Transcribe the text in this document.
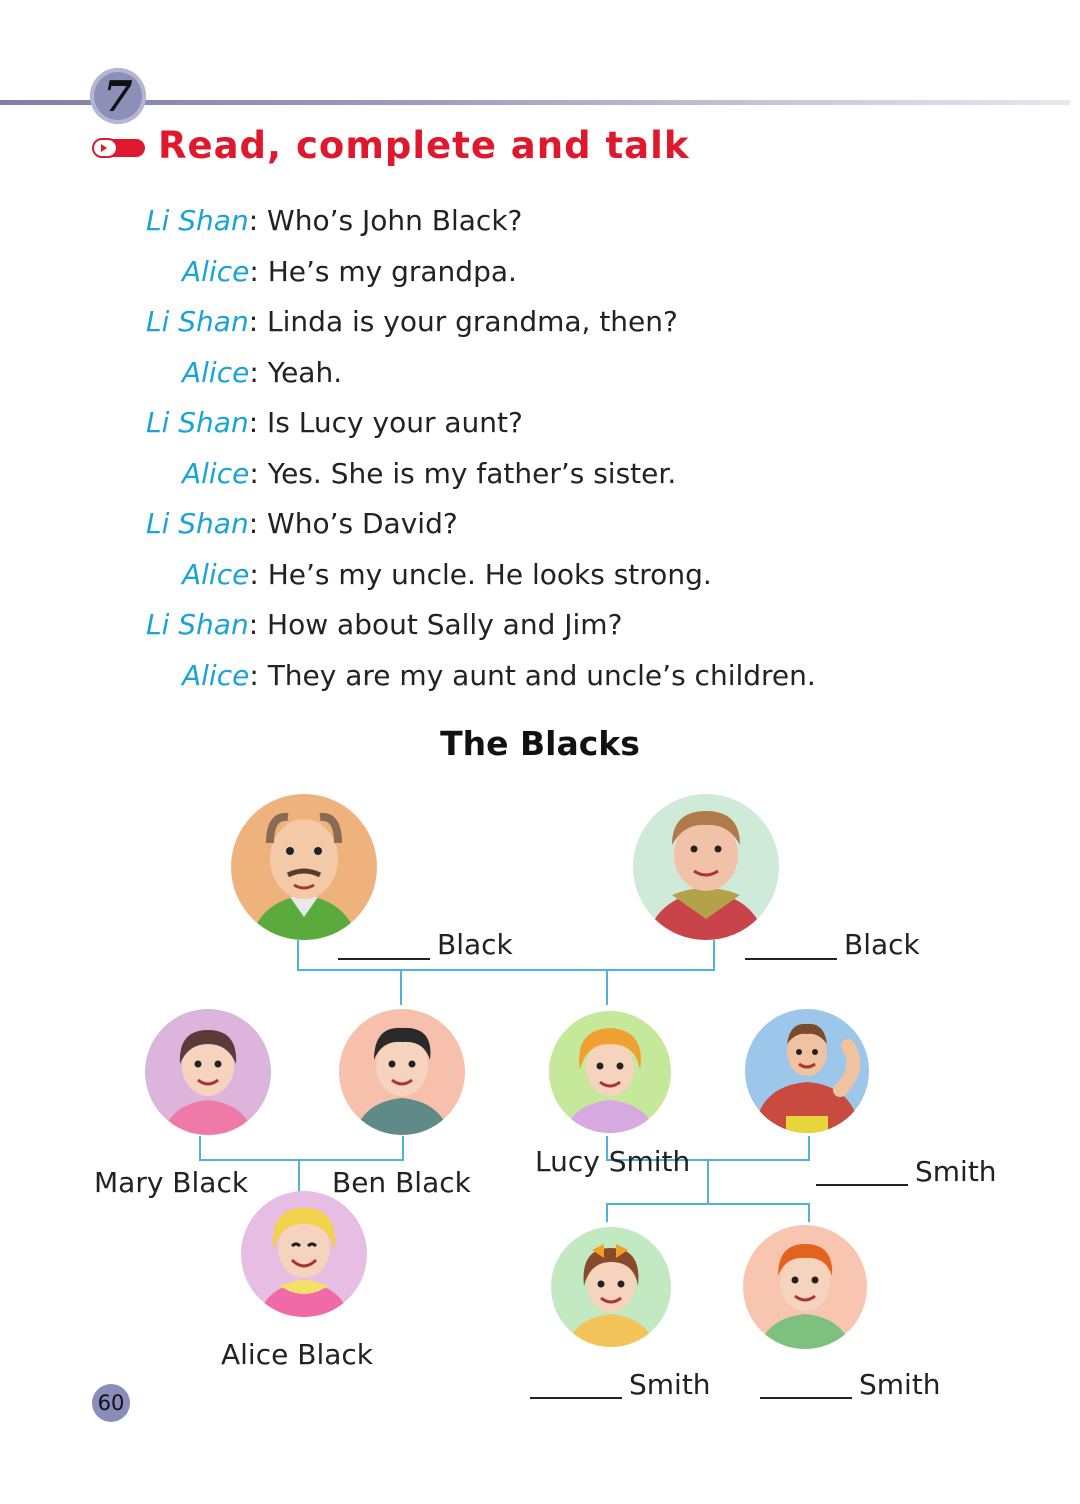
7
Read, complete and talk
Li Shan: Who’s John Black?
Alice: He’s my grandpa.
Li Shan: Linda is your grandma, then?
Alice: Yeah.
Li Shan: Is Lucy your aunt?
Alice: Yes. She is my father’s sister.
Li Shan: Who’s David?
Alice: He’s my uncle. He looks strong.
Li Shan: How about Sally and Jim?
Alice: They are my aunt and uncle’s children.
The Blacks
Black	Black
Mary Black	Ben Black
Lucy Smith	Smith
Alice Black
Smith	Smith
60
